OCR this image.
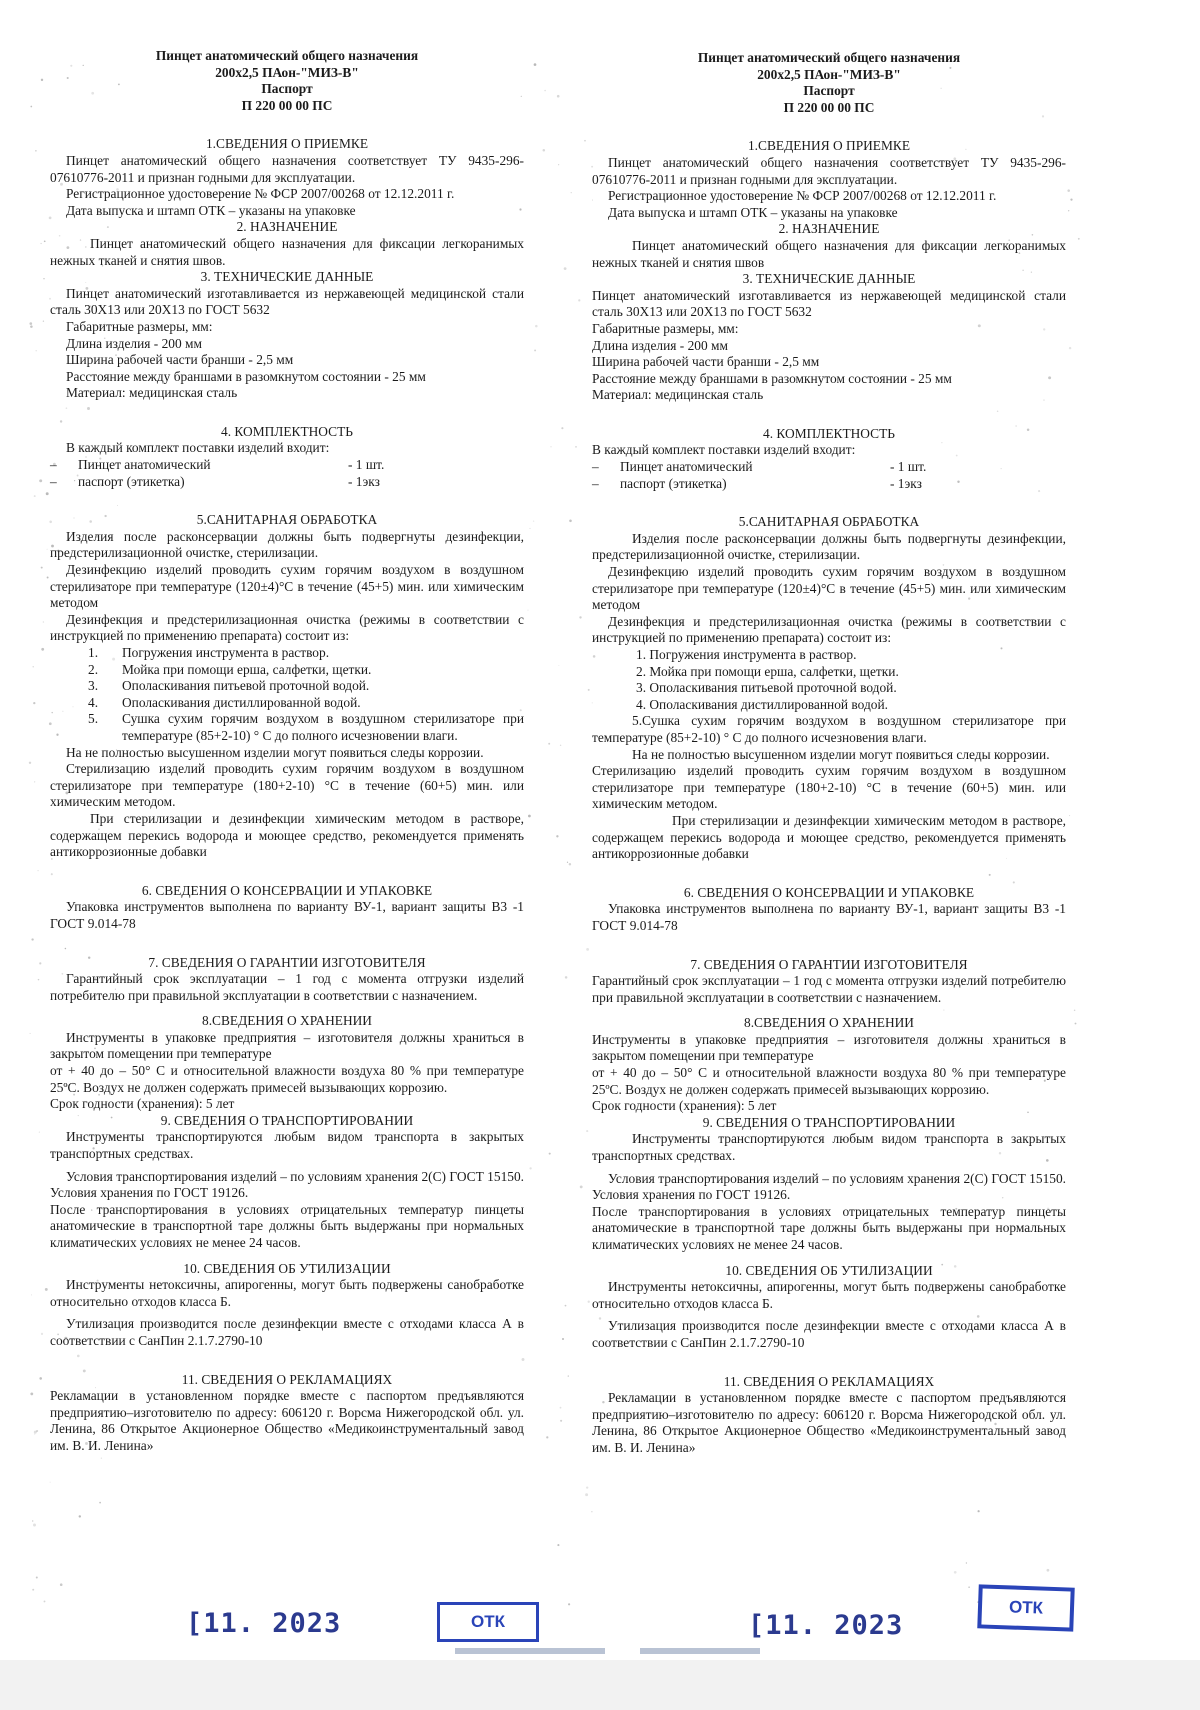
Пинцет анатомический общего назначения
200х2,5 ПАон-"МИЗ-В"
Паспорт
П 220 00 00 ПС
1.СВЕДЕНИЯ О ПРИЕМКЕ
Пинцет анатомический общего назначения соответствует ТУ 9435-296-07610776-2011 и признан годными для эксплуатации.
Регистрационное удостоверение № ФСР 2007/00268 от 12.12.2011 г.
Дата выпуска и штамп ОТК – указаны на упаковке
2. НАЗНАЧЕНИЕ
Пинцет анатомический общего назначения для фиксации легкоранимых нежных тканей и снятия швов.
3. ТЕХНИЧЕСКИЕ ДАННЫЕ
Пинцет анатомический изготавливается из нержавеющей медицинской стали сталь 30Х13 или 20Х13 по ГОСТ 5632
Габаритные размеры, мм:
Длина изделия - 200 мм
Ширина рабочей части бранши - 2,5 мм
Расстояние между браншами в разомкнутом состоянии - 25 мм
Материал: медицинская сталь
4. КОМПЛЕКТНОСТЬ
В каждый комплект поставки изделий входит:
–	Пинцет анатомический	- 1 шт.
–	паспорт (этикетка)	- 1экз
5.САНИТАРНАЯ ОБРАБОТКА
Изделия после расконсервации должны быть подвергнуты дезинфекции, предстерилизационной очистке, стерилизации.
Дезинфекцию изделий проводить сухим горячим воздухом в воздушном стерилизаторе при температуре (120±4)°С в течение (45+5) мин. или химическим методом
Дезинфекция и предстерилизационная очистка (режимы в соответствии с инструкцией по применению препарата) состоит из:
1.	Погружения инструмента в раствор.
2.	Мойка при помощи ерша, салфетки, щетки.
3.	Ополаскивания питьевой проточной водой.
4.	Ополаскивания дистиллированной водой.
5.	Сушка сухим горячим воздухом в воздушном стерилизаторе при температуре (85+2-10) ° С до полного исчезновении влаги.
На не полностью высушенном изделии могут появиться следы коррозии.
Стерилизацию изделий проводить сухим горячим воздухом в воздушном стерилизаторе при температуре (180+2-10) °С в течение (60+5) мин. или химическим методом.
При стерилизации и дезинфекции химическим методом в растворе, содержащем перекись водорода и моющее средство, рекомендуется применять антикоррозионные добавки
6. СВЕДЕНИЯ О КОНСЕРВАЦИИ И УПАКОВКЕ
Упаковка инструментов выполнена по варианту ВУ-1, вариант защиты В3 -1 ГОСТ 9.014-78
7. СВЕДЕНИЯ О ГАРАНТИИ ИЗГОТОВИТЕЛЯ
Гарантийный срок эксплуатации – 1 год с момента отгрузки изделий потребителю при правильной эксплуатации в соответствии с назначением.
8.СВЕДЕНИЯ О ХРАНЕНИИ
Инструменты в упаковке предприятия – изготовителя должны храниться в закрытом помещении при температуре
от + 40 до – 50° С и относительной влажности воздуха 80 % при температуре 25ºС. Воздух не должен содержать примесей вызывающих коррозию.
Срок годности (хранения): 5 лет
9. СВЕДЕНИЯ О ТРАНСПОРТИРОВАНИИ
Инструменты транспортируются любым видом транспорта в закрытых транспортных средствах.
Условия транспортирования изделий – по условиям хранения 2(С) ГОСТ 15150. Условия хранения по ГОСТ 19126.
После транспортирования в условиях отрицательных температур пинцеты анатомические в транспортной таре должны быть выдержаны при нормальных климатических условиях не менее 24 часов.
10. СВЕДЕНИЯ ОБ УТИЛИЗАЦИИ
Инструменты нетоксичны, апирогенны, могут быть подвержены санобработке относительно отходов класса Б.
Утилизация производится после дезинфекции вместе с отходами класса А в соответствии с СанПин 2.1.7.2790-10
11. СВЕДЕНИЯ О РЕКЛАМАЦИЯХ
Рекламации в установленном порядке вместе с паспортом предъявляются предприятию–изготовителю по адресу: 606120 г. Ворсма Нижегородской обл. ул. Ленина, 86 Открытое Акционерное Общество «Медикоинструментальный завод им. В. И. Ленина»
Пинцет анатомический общего назначения
200х2,5 ПАон-"МИЗ-В"
Паспорт
П 220 00 00 ПС
1.СВЕДЕНИЯ О ПРИЕМКЕ
Пинцет анатомический общего назначения соответствует ТУ 9435-296-07610776-2011 и признан годными для эксплуатации.
Регистрационное удостоверение № ФСР 2007/00268 от 12.12.2011 г.
Дата выпуска и штамп ОТК – указаны на упаковке
2. НАЗНАЧЕНИЕ
Пинцет анатомический общего назначения для фиксации легкоранимых нежных тканей и снятия швов
3. ТЕХНИЧЕСКИЕ ДАННЫЕ
Пинцет анатомический изготавливается из нержавеющей медицинской стали сталь 30Х13 или 20Х13 по ГОСТ 5632
Габаритные размеры, мм:
Длина изделия - 200 мм
Ширина рабочей части бранши - 2,5 мм
Расстояние между браншами в разомкнутом состоянии - 25 мм
Материал: медицинская сталь
4. КОМПЛЕКТНОСТЬ
В каждый комплект поставки изделий входит:
–	Пинцет анатомический	- 1 шт.
–	паспорт (этикетка)	- 1экз
5.САНИТАРНАЯ ОБРАБОТКА
Изделия после расконсервации должны быть подвергнуты дезинфекции, предстерилизационной очистке, стерилизации.
Дезинфекцию изделий проводить сухим горячим воздухом в воздушном стерилизаторе при температуре (120±4)°С в течение (45+5) мин. или химическим методом
Дезинфекция и предстерилизационная очистка (режимы в соответствии с инструкцией по применению препарата) состоит из:
1. Погружения инструмента в раствор.
2. Мойка при помощи ерша, салфетки, щетки.
3. Ополаскивания питьевой проточной водой.
4. Ополаскивания дистиллированной водой.
5.Сушка сухим горячим воздухом в воздушном стерилизаторе при температуре (85+2-10) ° С до полного исчезновения влаги.
На не полностью высушенном изделии могут появиться следы коррозии.
Стерилизацию изделий проводить сухим горячим воздухом в воздушном стерилизаторе при температуре (180+2-10) °С в течение (60+5) мин. или химическим методом.
При стерилизации и дезинфекции химическим методом в растворе, содержащем перекись водорода и моющее средство, рекомендуется применять антикоррозионные добавки
6. СВЕДЕНИЯ О КОНСЕРВАЦИИ И УПАКОВКЕ
Упаковка инструментов выполнена по варианту ВУ-1, вариант защиты В3 -1 ГОСТ 9.014-78
7. СВЕДЕНИЯ О ГАРАНТИИ ИЗГОТОВИТЕЛЯ
Гарантийный срок эксплуатации – 1 год с момента отгрузки изделий потребителю при правильной эксплуатации в соответствии с назначением.
8.СВЕДЕНИЯ О ХРАНЕНИИ
Инструменты в упаковке предприятия – изготовителя должны храниться в закрытом помещении при температуре
от + 40 до – 50° С и относительной влажности воздуха 80 % при температуре 25ºС. Воздух не должен содержать примесей вызывающих коррозию.
Срок годности (хранения): 5 лет
9. СВЕДЕНИЯ О ТРАНСПОРТИРОВАНИИ
Инструменты транспортируются любым видом транспорта в закрытых транспортных средствах.
Условия транспортирования изделий – по условиям хранения 2(С) ГОСТ 15150. Условия хранения по ГОСТ 19126.
После транспортирования в условиях отрицательных температур пинцеты анатомические в транспортной таре должны быть выдержаны при нормальных климатических условиях не менее 24 часов.
10. СВЕДЕНИЯ ОБ УТИЛИЗАЦИИ
Инструменты нетоксичны, апирогенны, могут быть подвержены санобработке относительно отходов класса Б.
Утилизация производится после дезинфекции вместе с отходами класса А в соответствии с СанПин 2.1.7.2790-10
11. СВЕДЕНИЯ О РЕКЛАМАЦИЯХ
Рекламации в установленном порядке вместе с паспортом предъявляются предприятию–изготовителю по адресу: 606120 г. Ворсма Нижегородской обл. ул. Ленина, 86 Открытое Акционерное Общество «Медикоинструментальный завод им. В. И. Ленина»
[11. 2023	ОТК	[11. 2023
ОТК
